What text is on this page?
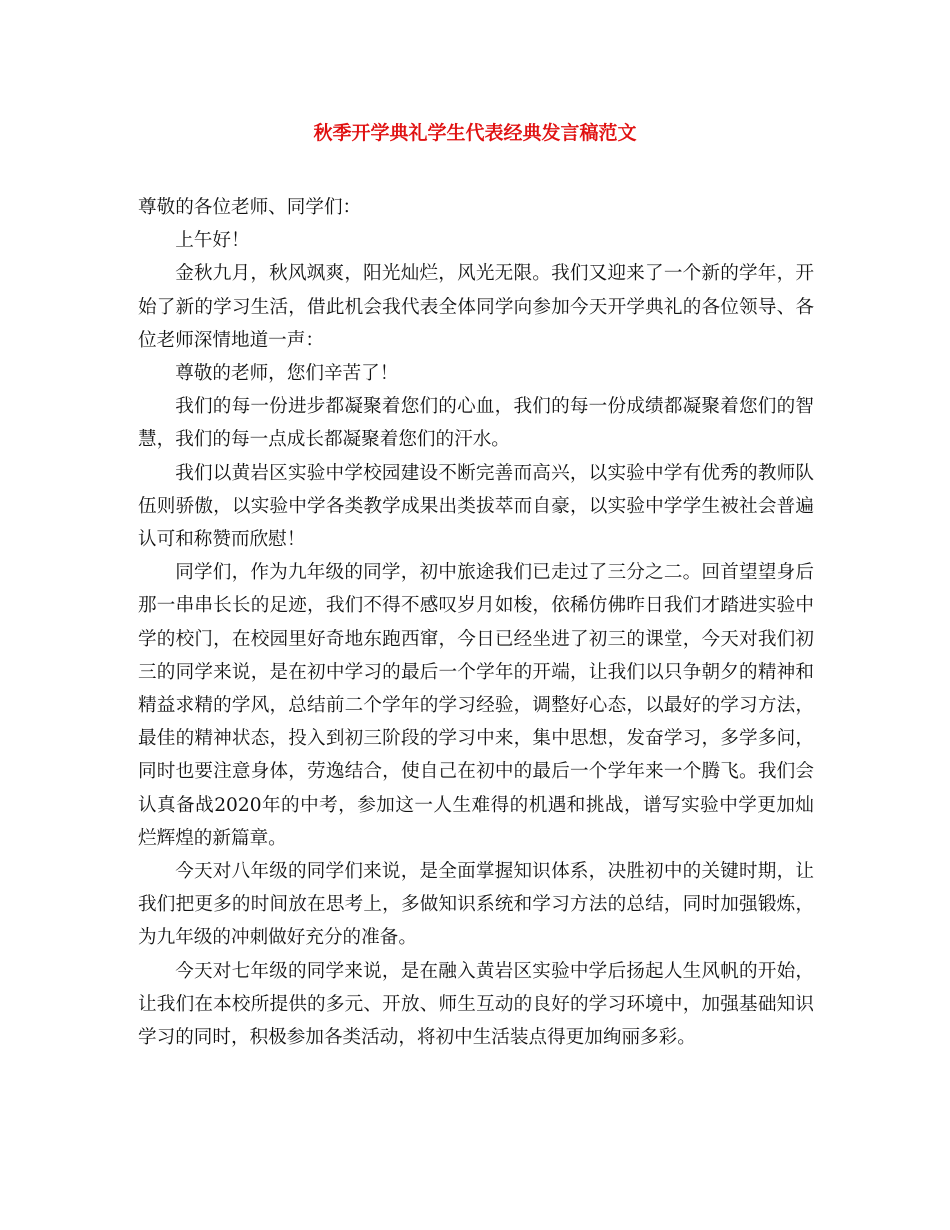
秋季开学典礼学生代表经典发言稿范文

尊敬的各位老师、同学们：

上午好！

金秋九月，秋风飒爽，阳光灿烂，风光无限。我们又迎来了一个新的学年，开始了新的学习生活，借此机会我代表全体同学向参加今天开学典礼的各位领导、各位老师深情地道一声：

尊敬的老师，您们辛苦了！

我们的每一份进步都凝聚着您们的心血，我们的每一份成绩都凝聚着您们的智慧，我们的每一点成长都凝聚着您们的汗水。

我们以黄岩区实验中学校园建设不断完善而高兴，以实验中学有优秀的教师队伍则骄傲，以实验中学各类教学成果出类拔萃而自豪，以实验中学学生被社会普遍认可和称赞而欣慰！

同学们，作为九年级的同学，初中旅途我们已走过了三分之二。回首望望身后那一串串长长的足迹，我们不得不感叹岁月如梭，依稀仿佛昨日我们才踏进实验中学的校门，在校园里好奇地东跑西窜，今日已经坐进了初三的课堂，今天对我们初三的同学来说，是在初中学习的最后一个学年的开端，让我们以只争朝夕的精神和精益求精的学风，总结前二个学年的学习经验，调整好心态，以最好的学习方法，最佳的精神状态，投入到初三阶段的学习中来，集中思想，发奋学习，多学多问，同时也要注意身体，劳逸结合，使自己在初中的最后一个学年来一个腾飞。我们会认真备战2020年的中考，参加这一人生难得的机遇和挑战，谱写实验中学更加灿烂辉煌的新篇章。

今天对八年级的同学们来说，是全面掌握知识体系，决胜初中的关键时期，让我们把更多的时间放在思考上，多做知识系统和学习方法的总结，同时加强锻炼，为九年级的冲刺做好充分的准备。

今天对七年级的同学来说，是在融入黄岩区实验中学后扬起人生风帆的开始，让我们在本校所提供的多元、开放、师生互动的良好的学习环境中，加强基础知识学习的同时，积极参加各类活动，将初中生活装点得更加绚丽多彩。
